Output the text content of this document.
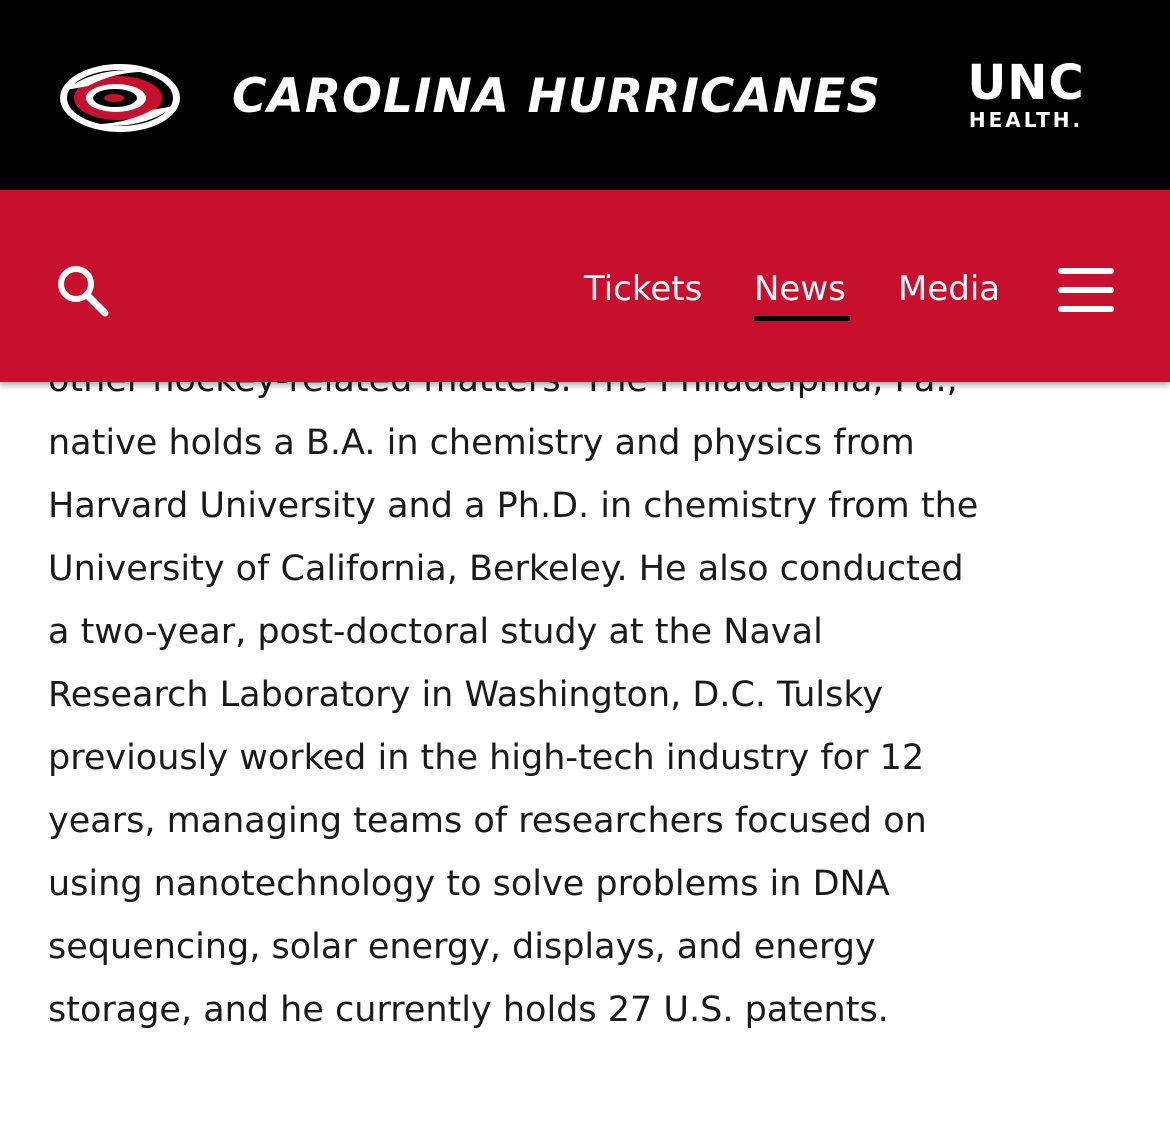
CAROLINA HURRICANES UNC
HEALTH.
Tickets News Media
native holds a B.A. in chemistry and physics from
Harvard University and a Ph.D. in chemistry from the
University of California, Berkeley. He also conducted
a two-year, post-doctoral study at the Naval
Research Laboratory in Washington, D.C. Tulsky
previously worked in the high-tech industry for 12
years, managing teams of researchers focused on
using nanotechnology to solve problems in DNA
sequencing, solar energy, displays, and energy
storage, and he currently holds 27 U.S. patents.
